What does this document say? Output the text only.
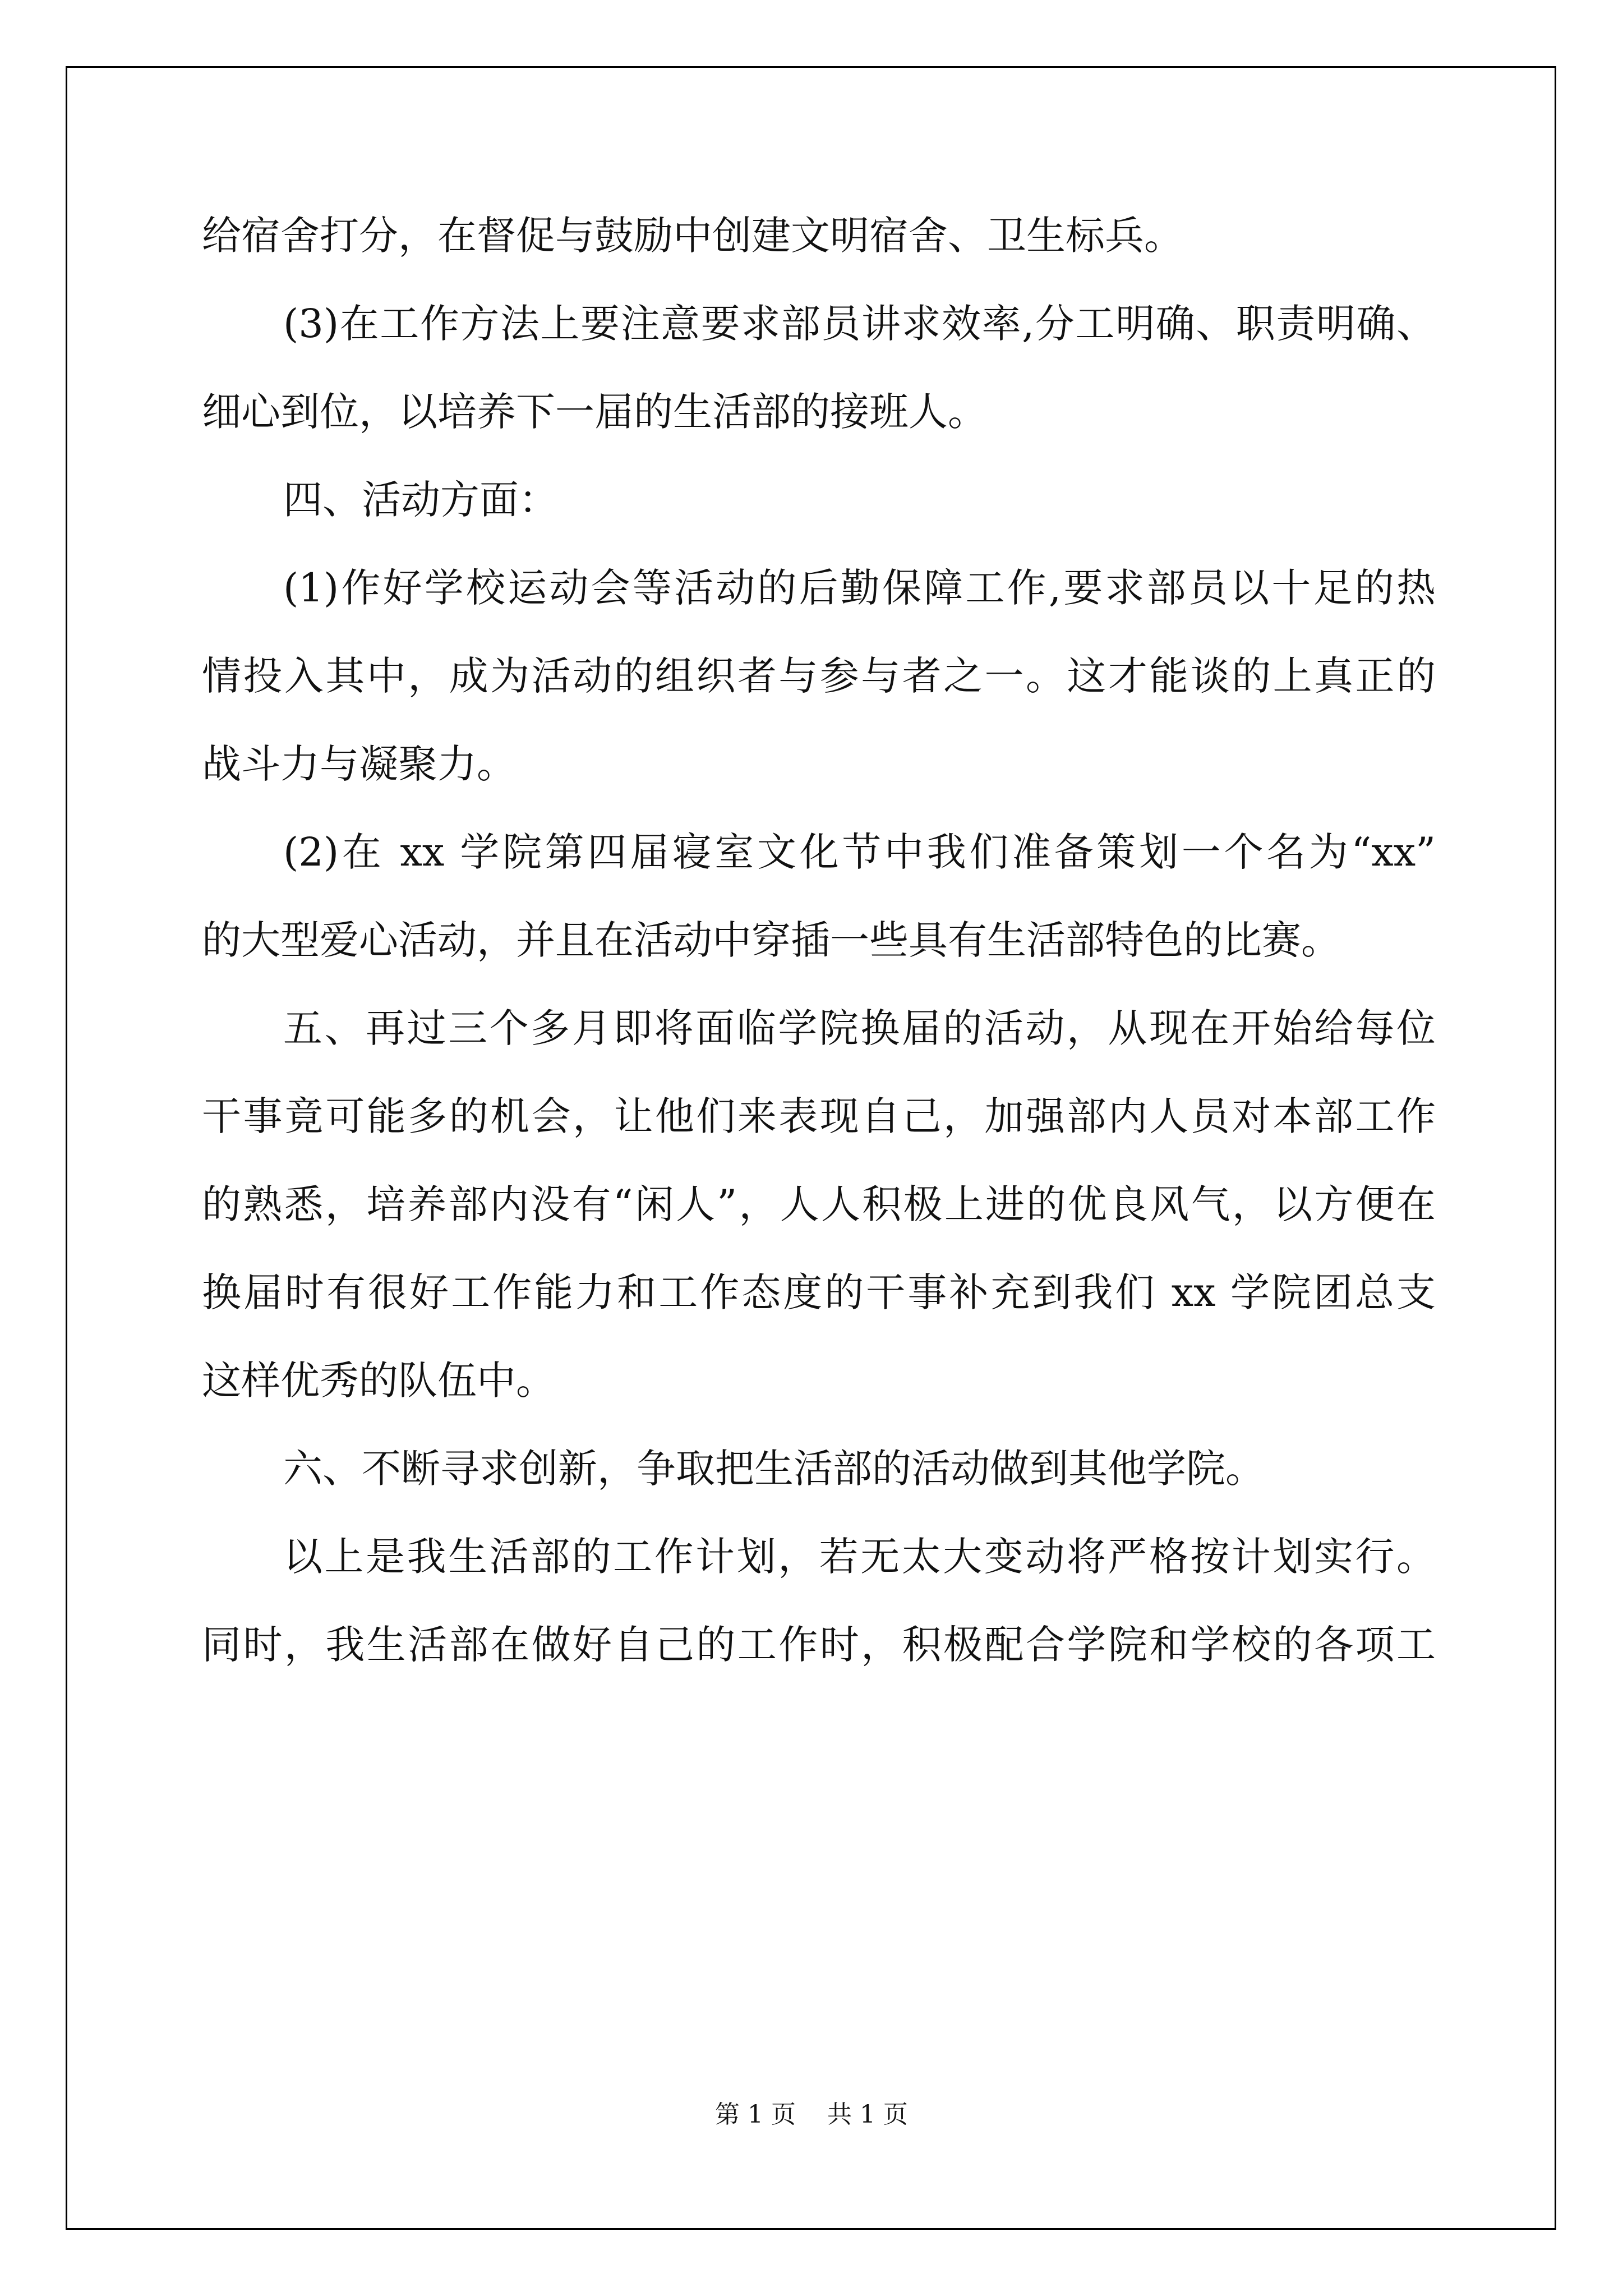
给宿舍打分，在督促与鼓励中创建文明宿舍、卫生标兵。
(3)在工作方法上要注意要求部员讲求效率,分工明确、职责明确、
细心到位，以培养下一届的生活部的接班人。
四、活动方面：
(1)作好学校运动会等活动的后勤保障工作,要求部员以十足的热
情投入其中，成为活动的组织者与参与者之一。这才能谈的上真正的
战斗力与凝聚力。
(2)在 xx 学院第四届寝室文化节中我们准备策划一个名为“xx”
的大型爱心活动，并且在活动中穿插一些具有生活部特色的比赛。
五、再过三个多月即将面临学院换届的活动，从现在开始给每位
干事竟可能多的机会，让他们来表现自己，加强部内人员对本部工作
的熟悉，培养部内没有“闲人”，人人积极上进的优良风气，以方便在
换届时有很好工作能力和工作态度的干事补充到我们 xx 学院团总支
这样优秀的队伍中。
六、不断寻求创新，争取把生活部的活动做到其他学院。
以上是我生活部的工作计划，若无太大变动将严格按计划实行。
同时，我生活部在做好自己的工作时，积极配合学院和学校的各项工
第 1 页    共 1 页
